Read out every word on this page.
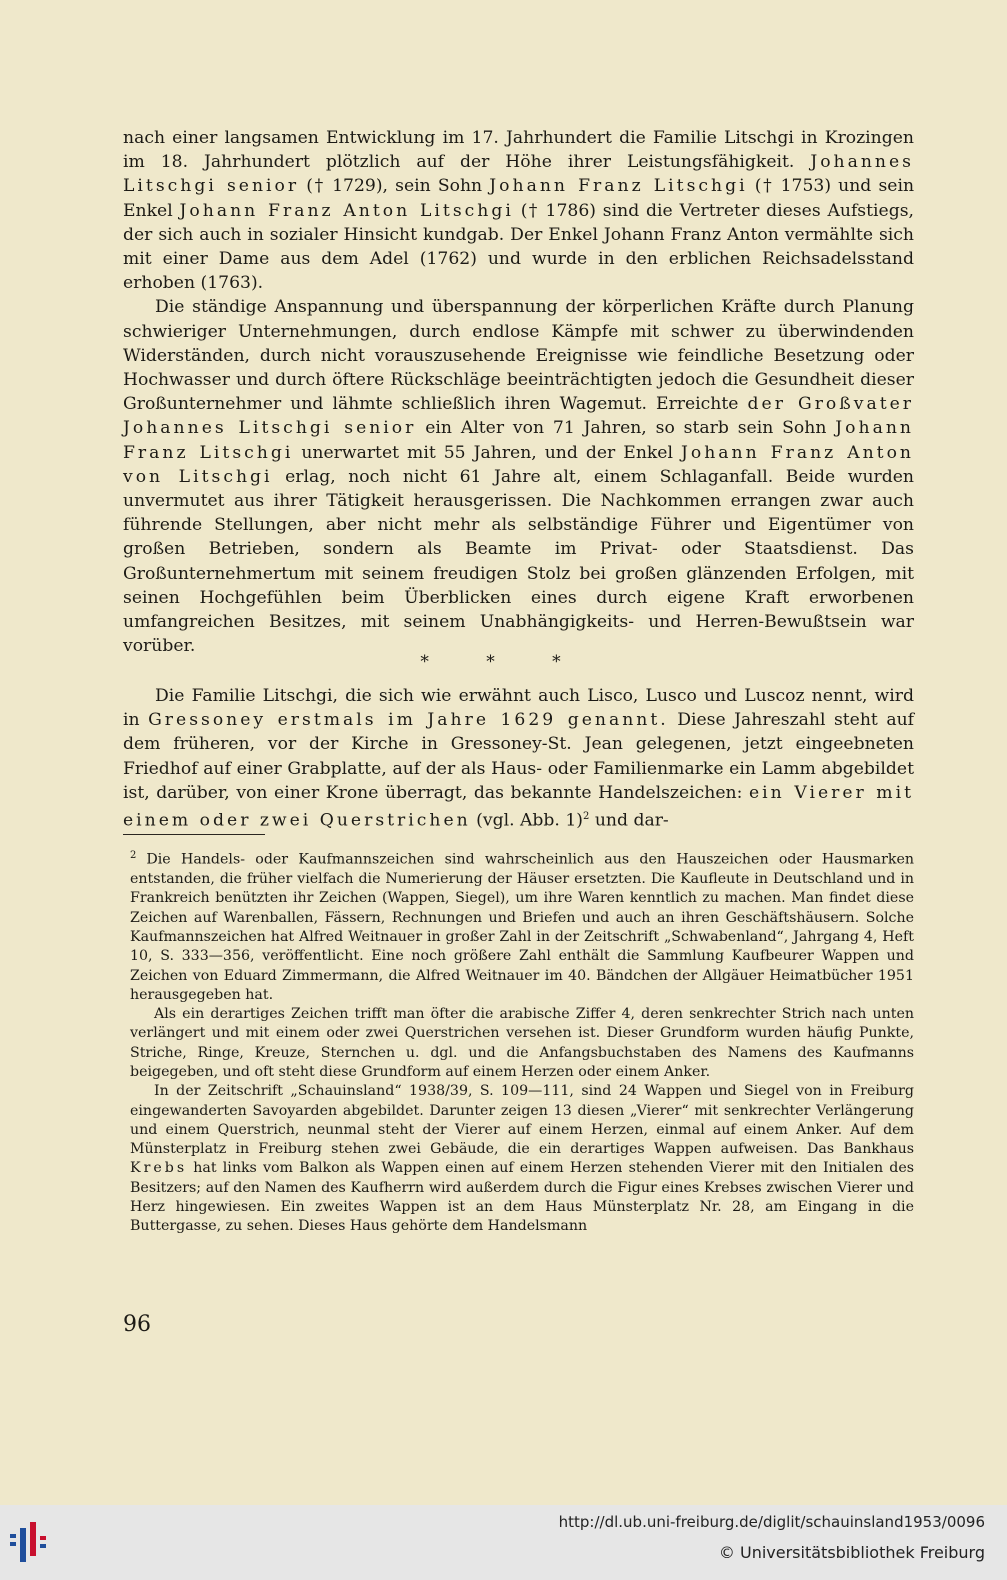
nach einer langsamen Entwicklung im 17. Jahrhundert die Familie Litschgi in Krozingen im 18. Jahrhundert plötzlich auf der Höhe ihrer Leistungsfähigkeit. Johannes Litschgi senior († 1729), sein Sohn Johann Franz Litschgi († 1753) und sein Enkel Johann Franz Anton Litschgi († 1786) sind die Vertreter dieses Aufstiegs, der sich auch in sozialer Hinsicht kundgab. Der Enkel Johann Franz Anton vermählte sich mit einer Dame aus dem Adel (1762) und wurde in den erblichen Reichsadelsstand erhoben (1763).

Die ständige Anspannung und überspannung der körperlichen Kräfte durch Planung schwieriger Unternehmungen, durch endlose Kämpfe mit schwer zu überwindenden Widerständen, durch nicht vorauszusehende Ereignisse wie feindliche Besetzung oder Hochwasser und durch öftere Rückschläge beeinträchtigten jedoch die Gesundheit dieser Großunternehmer und lähmte schließlich ihren Wagemut. Erreichte der Großvater Johannes Litschgi senior ein Alter von 71 Jahren, so starb sein Sohn Johann Franz Litschgi unerwartet mit 55 Jahren, und der Enkel Johann Franz Anton von Litschgi erlag, noch nicht 61 Jahre alt, einem Schlaganfall. Beide wurden unvermutet aus ihrer Tätigkeit herausgerissen. Die Nachkommen errangen zwar auch führende Stellungen, aber nicht mehr als selbständige Führer und Eigentümer von großen Betrieben, sondern als Beamte im Privat- oder Staatsdienst. Das Großunternehmertum mit seinem freudigen Stolz bei großen glänzenden Erfolgen, mit seinen Hochgefühlen beim Überblicken eines durch eigene Kraft erworbenen umfangreichen Besitzes, mit seinem Unabhängigkeits- und Herren-Bewußtsein war vorüber.

* * *

Die Familie Litschgi, die sich wie erwähnt auch Lisco, Lusco und Luscoz nennt, wird in Gressoney erstmals im Jahre 1629 genannt. Diese Jahreszahl steht auf dem früheren, vor der Kirche in Gressoney-St. Jean gelegenen, jetzt eingeebneten Friedhof auf einer Grabplatte, auf der als Haus- oder Familienmarke ein Lamm abgebildet ist, darüber, von einer Krone überragt, das bekannte Handelszeichen: ein Vierer mit einem oder zwei Querstrichen (vgl. Abb. 1)$^2$ und dar-

$^2$ Die Handels- oder Kaufmannszeichen sind wahrscheinlich aus den Hauszeichen oder Hausmarken entstanden, die früher vielfach die Numerierung der Häuser ersetzten. Die Kaufleute in Deutschland und in Frankreich benützten ihr Zeichen (Wappen, Siegel), um ihre Waren kenntlich zu machen. Man findet diese Zeichen auf Warenballen, Fässern, Rechnungen und Briefen und auch an ihren Geschäftshäusern. Solche Kaufmannszeichen hat Alfred Weitnauer in großer Zahl in der Zeitschrift „Schwabenland“, Jahrgang 4, Heft 10, S. 333—356, veröffentlicht. Eine noch größere Zahl enthält die Sammlung Kaufbeurer Wappen und Zeichen von Eduard Zimmermann, die Alfred Weitnauer im 40. Bändchen der Allgäuer Heimatbücher 1951 herausgegeben hat.

Als ein derartiges Zeichen trifft man öfter die arabische Ziffer 4, deren senkrechter Strich nach unten verlängert und mit einem oder zwei Querstrichen versehen ist. Dieser Grundform wurden häufig Punkte, Striche, Ringe, Kreuze, Sternchen u. dgl. und die Anfangsbuchstaben des Namens des Kaufmanns beigegeben, und oft steht diese Grundform auf einem Herzen oder einem Anker.

In der Zeitschrift „Schauinsland“ 1938/39, S. 109—111, sind 24 Wappen und Siegel von in Freiburg eingewanderten Savoyarden abgebildet. Darunter zeigen 13 diesen „Vierer“ mit senkrechter Verlängerung und einem Querstrich, neunmal steht der Vierer auf einem Herzen, einmal auf einem Anker. Auf dem Münsterplatz in Freiburg stehen zwei Gebäude, die ein derartiges Wappen aufweisen. Das Bankhaus Krebs hat links vom Balkon als Wappen einen auf einem Herzen stehenden Vierer mit den Initialen des Besitzers; auf den Namen des Kaufherrn wird außerdem durch die Figur eines Krebses zwischen Vierer und Herz hingewiesen. Ein zweites Wappen ist an dem Haus Münsterplatz Nr. 28, am Eingang in die Buttergasse, zu sehen. Dieses Haus gehörte dem Handelsmann

96

http://dl.ub.uni-freiburg.de/diglit/schauinsland1953/0096
© Universitätsbibliothek Freiburg
